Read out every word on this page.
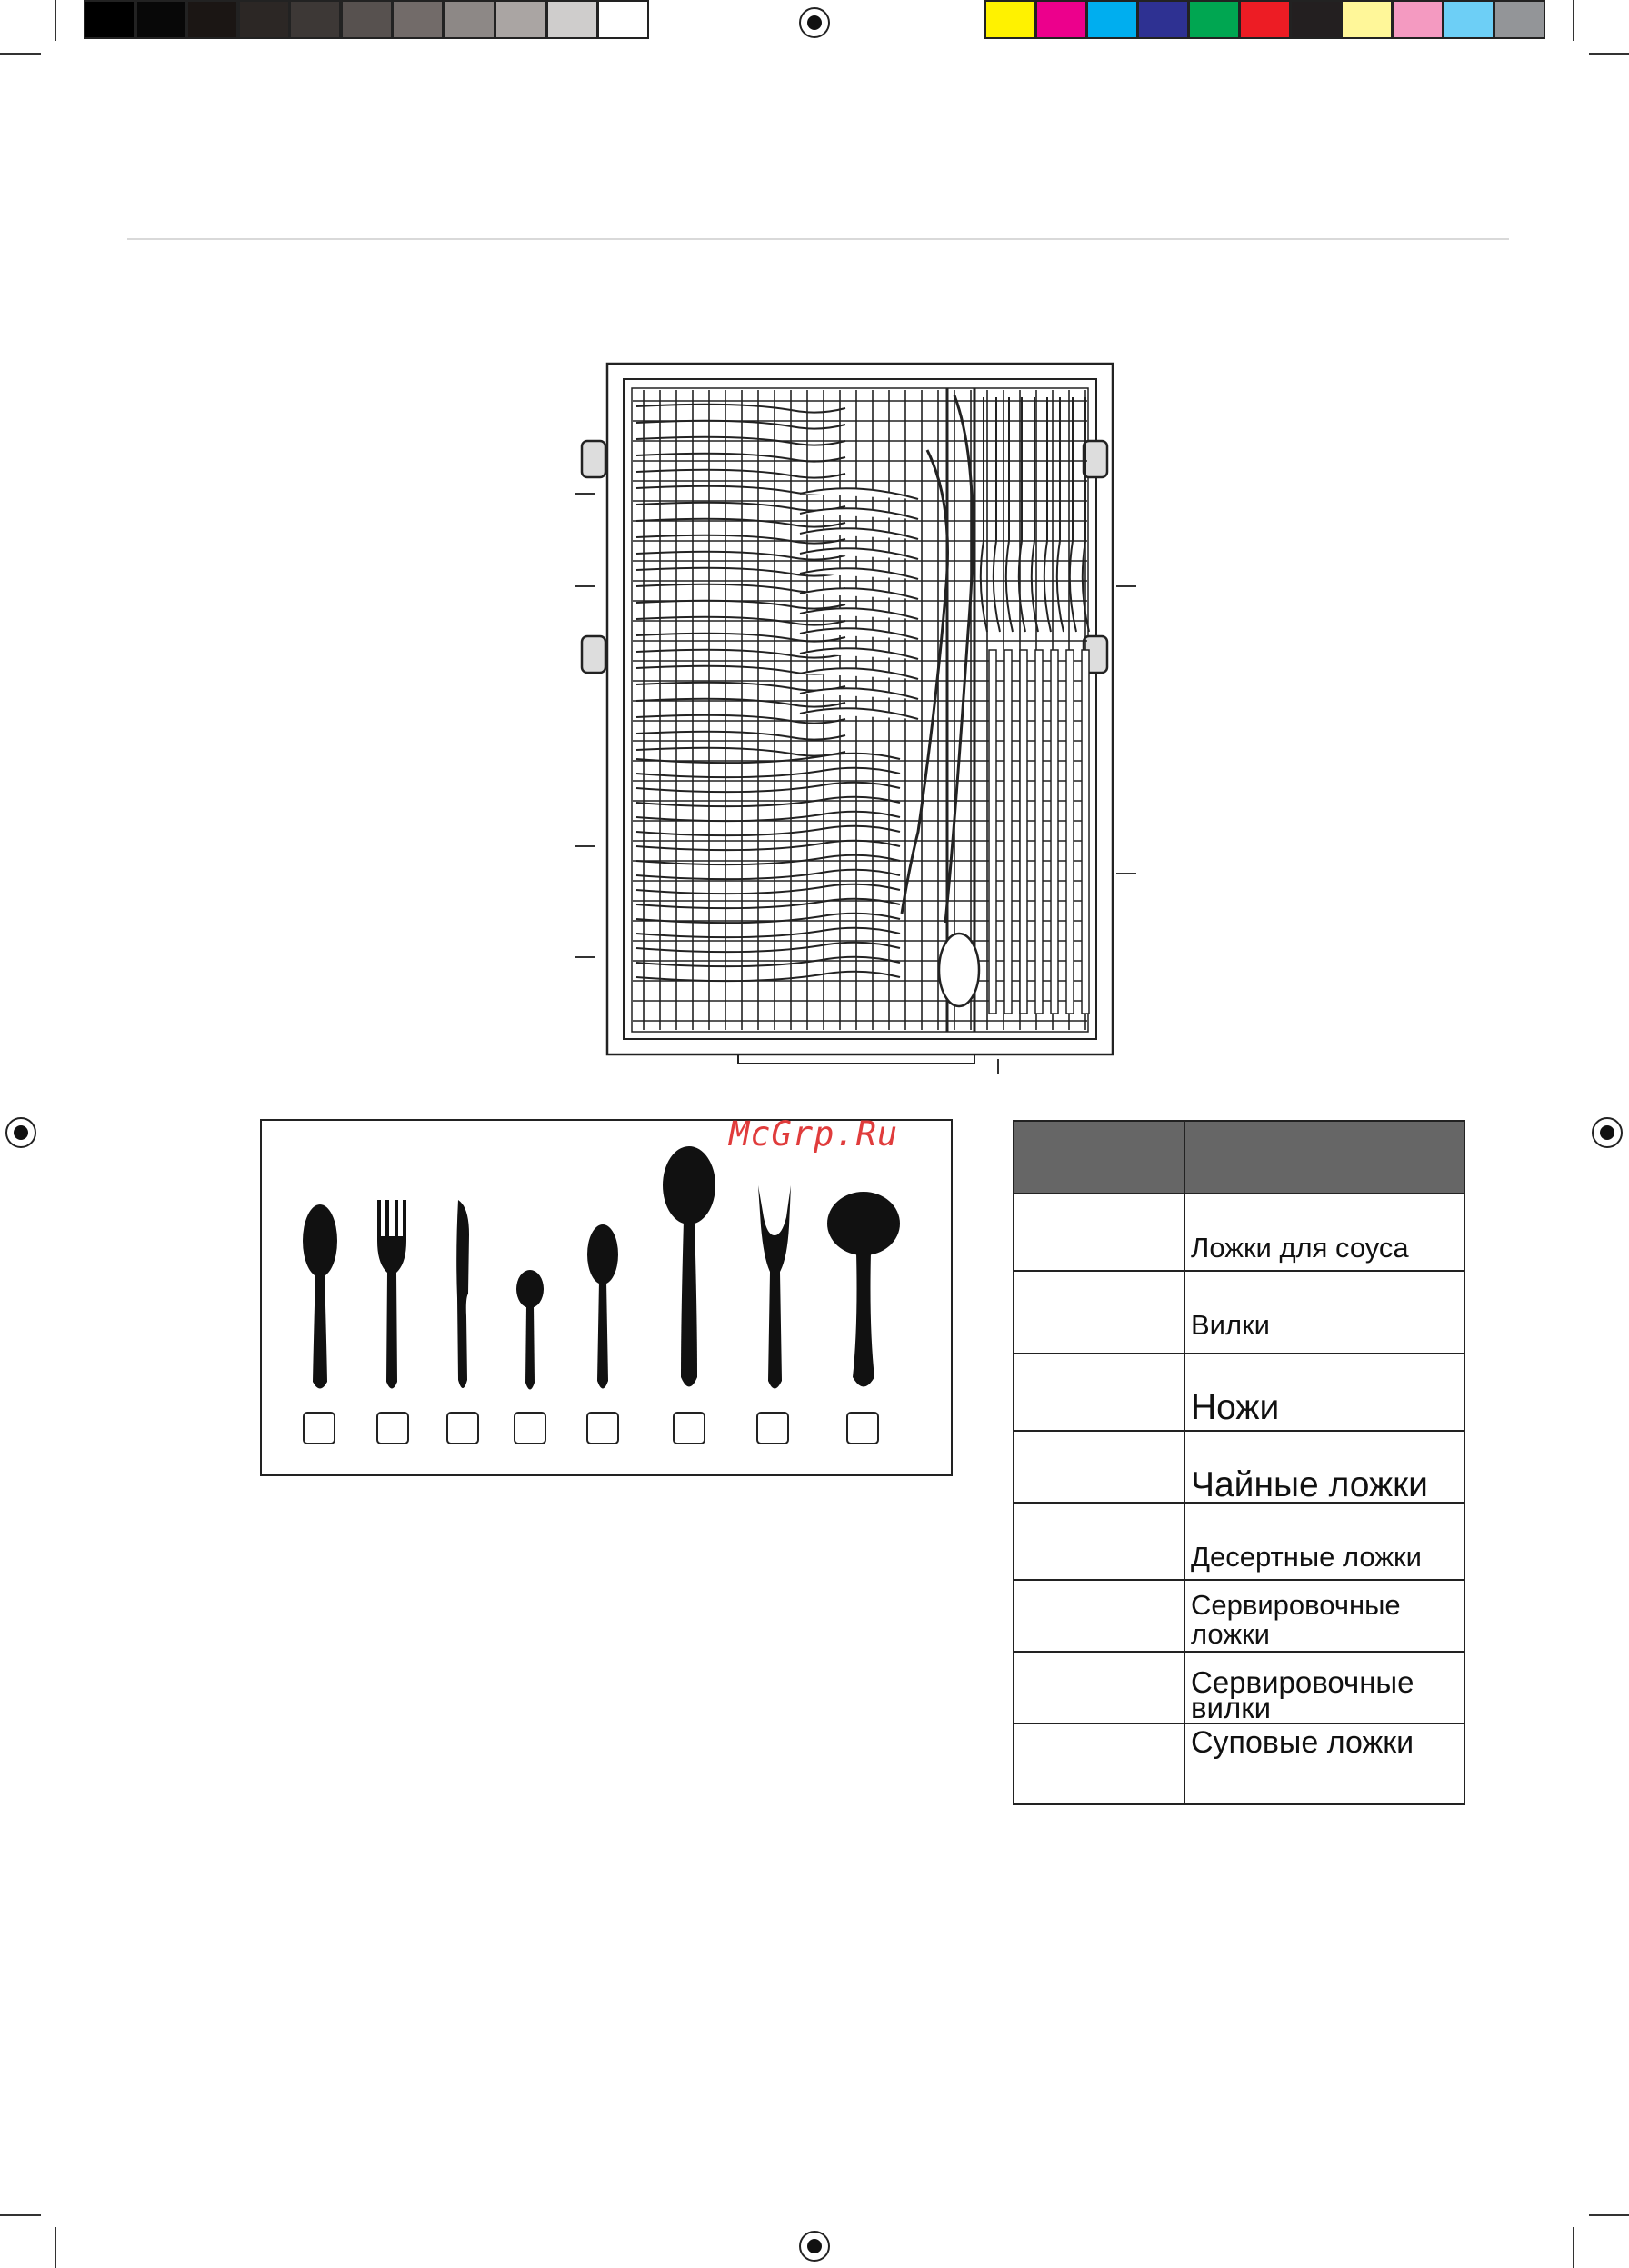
McGrp.Ru

	Ложки для соуса
	Вилки
	Ножи
	Чайные ложки
	Десертные ложки
	Сервировочные ложки
	Сервировочные вилки
	Суповые ложки
